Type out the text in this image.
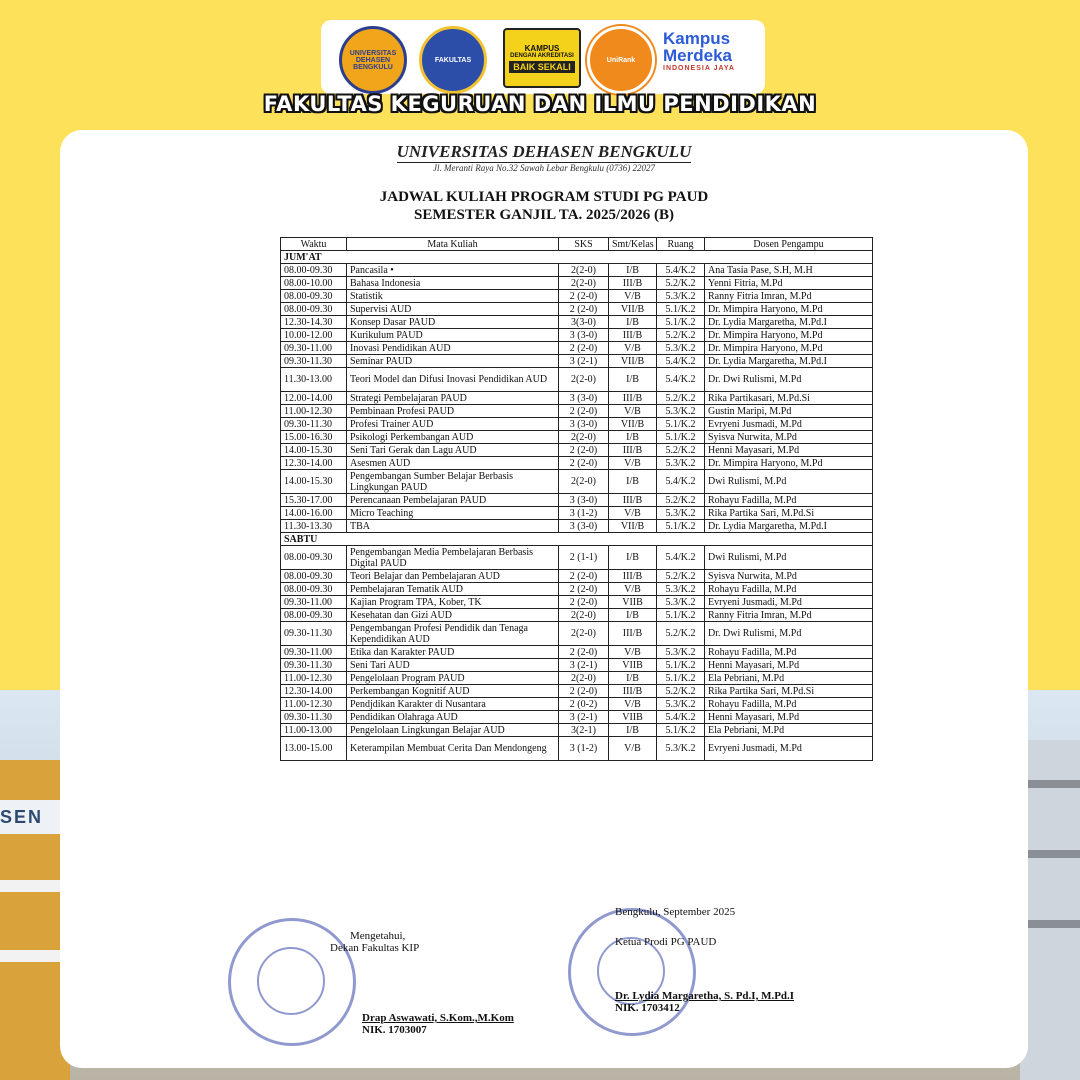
SEN
UNIVERSITAS DEHASEN BENGKULU
FAKULTAS
KAMPUS
DENGAN AKREDITASI
BAIK SEKALI
UniRank
Kampus
Merdeka
INDONESIA JAYA
FAKULTAS KEGURUAN DAN ILMU PENDIDIKAN
UNIVERSITAS DEHASEN BENGKULU
Jl. Meranti Raya No.32 Sawah Lebar Bengkulu (0736) 22027
JADWAL KULIAH PROGRAM STUDI PG PAUD
SEMESTER GANJIL TA. 2025/2026 (B)
Waktu	Mata Kuliah	SKS	Smt/Kelas	Ruang	Dosen Pengampu
JUM'AT					
08.00-09.30	Pancasila •	2(2-0)	I/B	5.4/K.2	Ana Tasia Pase, S.H, M.H
08.00-10.00	Bahasa Indonesia	2(2-0)	III/B	5.2/K.2	Yenni Fitria, M.Pd
08.00-09.30	Statistik	2 (2-0)	V/B	5.3/K.2	Ranny Fitria Imran, M.Pd
08.00-09.30	Supervisi AUD	2 (2-0)	VII/B	5.1/K.2	Dr. Mimpira Haryono, M.Pd
12.30-14.30	Konsep Dasar PAUD	3(3-0)	I/B	5.1/K.2	Dr. Lydia Margaretha, M.Pd.I
10.00-12.00	Kurikulum PAUD	3 (3-0)	III/B	5.2/K.2	Dr. Mimpira Haryono, M.Pd
09.30-11.00	Inovasi Pendidikan AUD	2 (2-0)	V/B	5.3/K.2	Dr. Mimpira Haryono, M.Pd
09.30-11.30	Seminar PAUD	3 (2-1)	VII/B	5.4/K.2	Dr. Lydia Margaretha, M.Pd.I
11.30-13.00	Teori Model dan Difusi Inovasi Pendidikan AUD	2(2-0)	I/B	5.4/K.2	Dr. Dwi Rulismi, M.Pd
12.00-14.00	Strategi Pembelajaran PAUD	3 (3-0)	III/B	5.2/K.2	Rika Partikasari, M.Pd.Si
11.00-12.30	Pembinaan Profesi PAUD	2 (2-0)	V/B	5.3/K.2	Gustin Maripi, M.Pd
09.30-11.30	Profesi Trainer AUD	3 (3-0)	VII/B	5.1/K.2	Evryeni Jusmadi, M.Pd
15.00-16.30	Psikologi Perkembangan AUD	2(2-0)	I/B	5.1/K.2	Syisva Nurwita, M.Pd
14.00-15.30	Seni Tari Gerak dan Lagu AUD	2 (2-0)	III/B	5.2/K.2	Henni Mayasari, M.Pd
12.30-14.00	Asesmen AUD	2 (2-0)	V/B	5.3/K.2	Dr. Mimpira Haryono, M.Pd
14.00-15.30	Pengembangan Sumber Belajar Berbasis Lingkungan PAUD	2(2-0)	I/B	5.4/K.2	Dwi Rulismi, M.Pd
15.30-17.00	Perencanaan Pembelajaran PAUD	3 (3-0)	III/B	5.2/K.2	Rohayu Fadilla, M.Pd
14.00-16.00	Micro Teaching	3 (1-2)	V/B	5.3/K.2	Rika Partika Sari, M.Pd.Si
11.30-13.30	TBA	3 (3-0)	VII/B	5.1/K.2	Dr. Lydia Margaretha, M.Pd.I
SABTU					
08.00-09.30	Pengembangan Media Pembelajaran Berbasis Digital PAUD	2 (1-1)	I/B	5.4/K.2	Dwi Rulismi, M.Pd
08.00-09.30	Teori Belajar dan Pembelajaran AUD	2 (2-0)	III/B	5.2/K.2	Syisva Nurwita, M.Pd
08.00-09.30	Pembelajaran Tematik AUD	2 (2-0)	V/B	5.3/K.2	Rohayu Fadilla, M.Pd
09.30-11.00	Kajian Program TPA, Kober, TK	2 (2-0)	VIIB	5.3/K.2	Evryeni Jusmadi, M.Pd
08.00-09.30	Kesehatan dan Gizi AUD	2(2-0)	I/B	5.1/K.2	Ranny Fitria Imran, M.Pd
09.30-11.30	Pengembangan Profesi Pendidik dan Tenaga Kependidikan AUD	2(2-0)	III/B	5.2/K.2	Dr. Dwi Rulismi, M.Pd
09.30-11.00	Etika dan Karakter PAUD	2 (2-0)	V/B	5.3/K.2	Rohayu Fadilla, M.Pd
09.30-11.30	Seni Tari AUD	3 (2-1)	VIIB	5.1/K.2	Henni Mayasari, M.Pd
11.00-12.30	Pengelolaan Program PAUD	2(2-0)	I/B	5.1/K.2	Ela Pebriani, M.Pd
12.30-14.00	Perkembangan Kognitif AUD	2 (2-0)	III/B	5.2/K.2	Rika Partika Sari, M.Pd.Si
11.00-12.30	Pendjdikan Karakter di Nusantara	2 (0-2)	V/B	5.3/K.2	Rohayu Fadilla, M.Pd
09.30-11.30	Pendidikan Olahraga AUD	3 (2-1)	VIIB	5.4/K.2	Henni Mayasari, M.Pd
11.00-13.00	Pengelolaan Lingkungan Belajar AUD	3(2-1)	I/B	5.1/K.2	Ela Pebriani, M.Pd
13.00-15.00	Keterampilan Membuat Cerita Dan Mendongeng	3 (1-2)	V/B	5.3/K.2	Evryeni Jusmadi, M.Pd
Bengkulu, September 2025
Mengetahui,
Dekan Fakultas KIP
Drap Aswawati, S.Kom.,M.Kom
NIK. 1703007
Ketua Prodi PG PAUD
Dr. Lydia Margaretha, S. Pd.I, M.Pd.I
NIK. 1703412
